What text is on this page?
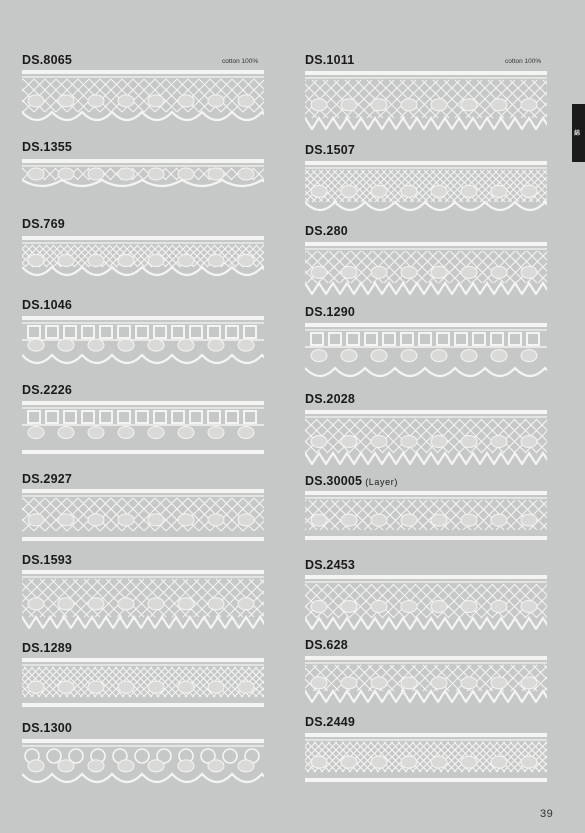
綿
DS.8065	cotton 100%
DS.1355
DS.769
DS.1046
DS.2226
DS.2927
DS.1593
DS.1289
DS.1300
DS.1011	cotton 100%
DS.1507
DS.280
DS.1290
DS.2028
DS.30005 (Layer)
DS.2453
DS.628
DS.2449
39
